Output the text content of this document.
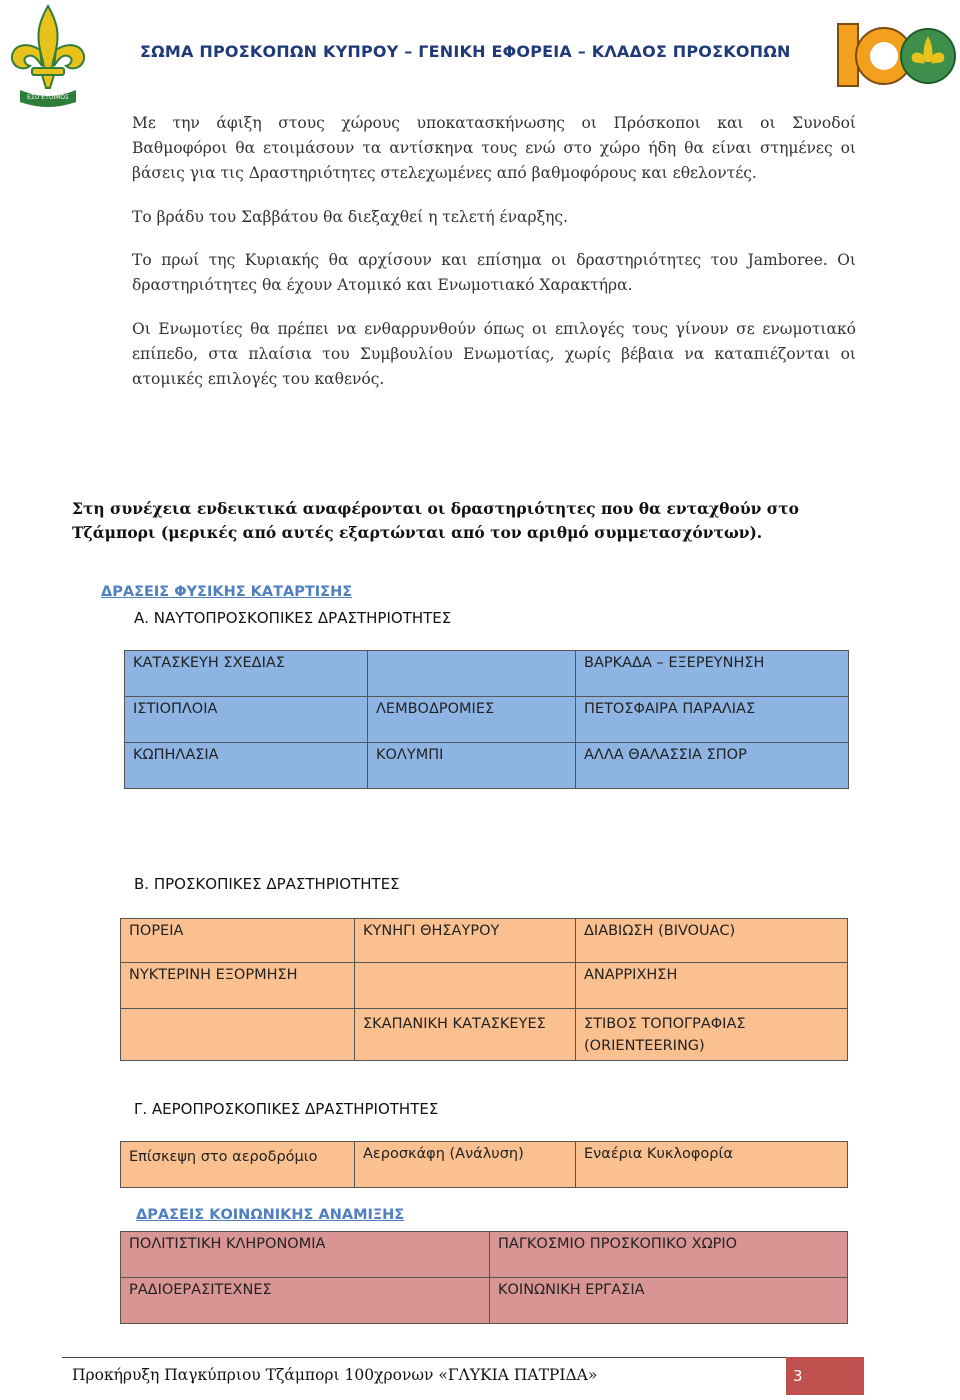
ΕΣΟ ΕΤΟΙΜΟΣ
ΣΩΜΑ ΠΡΟΣΚΟΠΩΝ ΚΥΠΡΟΥ – ΓΕΝΙΚΗ ΕΦΟΡΕΙΑ – ΚΛΑΔΟΣ ΠΡΟΣΚΟΠΩΝ
Με την άφιξη στους χώρους υποκατασκήνωσης οι Πρόσκοποι και οι Συνοδοί
Βαθμοφόροι θα ετοιμάσουν τα αντίσκηνα τους ενώ στο χώρο ήδη θα είναι στημένες οι
βάσεις για τις Δραστηριότητες στελεχωμένες από βαθμοφόρους και εθελοντές.
Το βράδυ του Σαββάτου θα διεξαχθεί η τελετή έναρξης.
Το πρωί της Κυριακής θα αρχίσουν και επίσημα οι δραστηριότητες του Jamboree. Οι
δραστηριότητες θα έχουν Ατομικό και Ενωμοτιακό Χαρακτήρα.
Οι Ενωμοτίες θα πρέπει να ενθαρρυνθούν όπως οι επιλογές τους γίνουν σε ενωμοτιακό
επίπεδο, στα πλαίσια του Συμβουλίου Ενωμοτίας, χωρίς βέβαια να καταπιέζονται οι
ατομικές επιλογές του καθενός.
Στη συνέχεια ενδεικτικά αναφέρονται οι δραστηριότητες που θα ενταχθούν στο
Τζάμπορι (μερικές από αυτές εξαρτώνται από τον αριθμό συμμετασχόντων).
ΔΡΑΣΕΙΣ ΦΥΣΙΚΗΣ ΚΑΤΑΡΤΙΣΗΣ
Α. ΝΑΥΤΟΠΡΟΣΚΟΠΙΚΕΣ ΔΡΑΣΤΗΡΙΟΤΗΤΕΣ
ΚΑΤΑΣΚΕΥΗ ΣΧΕΔΙΑΣ		ΒΑΡΚΑΔΑ – ΕΞΕΡΕΥΝΗΣΗ
ΙΣΤΙΟΠΛΟΙΑ	ΛΕΜΒΟΔΡΟΜΙΕΣ	ΠΕΤΟΣΦΑΙΡΑ ΠΑΡΑΛΙΑΣ
ΚΩΠΗΛΑΣΙΑ	ΚΟΛΥΜΠΙ	ΑΛΛΑ ΘΑΛΑΣΣΙΑ ΣΠΟΡ
Β. ΠΡΟΣΚΟΠΙΚΕΣ ΔΡΑΣΤΗΡΙΟΤΗΤΕΣ
ΠΟΡΕΙΑ	ΚΥΝΗΓΙ ΘΗΣΑΥΡΟΥ	ΔΙΑΒΙΩΣΗ (BIVOUAC)
ΝΥΚΤΕΡΙΝΗ ΕΞΟΡΜΗΣΗ		ΑΝΑΡΡΙΧΗΣΗ
	ΣΚΑΠΑΝΙΚΗ ΚΑΤΑΣΚΕΥΕΣ	ΣΤΙΒΟΣ ΤΟΠΟΓΡΑΦΙΑΣ (ORIENTEERING)
Γ. ΑΕΡΟΠΡΟΣΚΟΠΙΚΕΣ ΔΡΑΣΤΗΡΙΟΤΗΤΕΣ
Επίσκεψη στο αεροδρόμιο	Αεροσκάφη (Ανάλυση)	Εναέρια Κυκλοφορία
ΔΡΑΣΕΙΣ ΚΟΙΝΩΝΙΚΗΣ ΑΝΑΜΙΞΗΣ
ΠΟΛΙΤΙΣΤΙΚΗ ΚΛΗΡΟΝΟΜΙΑ	ΠΑΓΚΟΣΜΙΟ ΠΡΟΣΚΟΠΙΚΟ ΧΩΡΙΟ
ΡΑΔΙΟΕΡΑΣΙΤΕΧΝΕΣ	ΚΟΙΝΩΝΙΚΗ ΕΡΓΑΣΙΑ
Προκήρυξη Παγκύπριου Τζάμπορι 100χρονων «ΓΛΥΚΙΑ ΠΑΤΡΙΔΑ»	3
